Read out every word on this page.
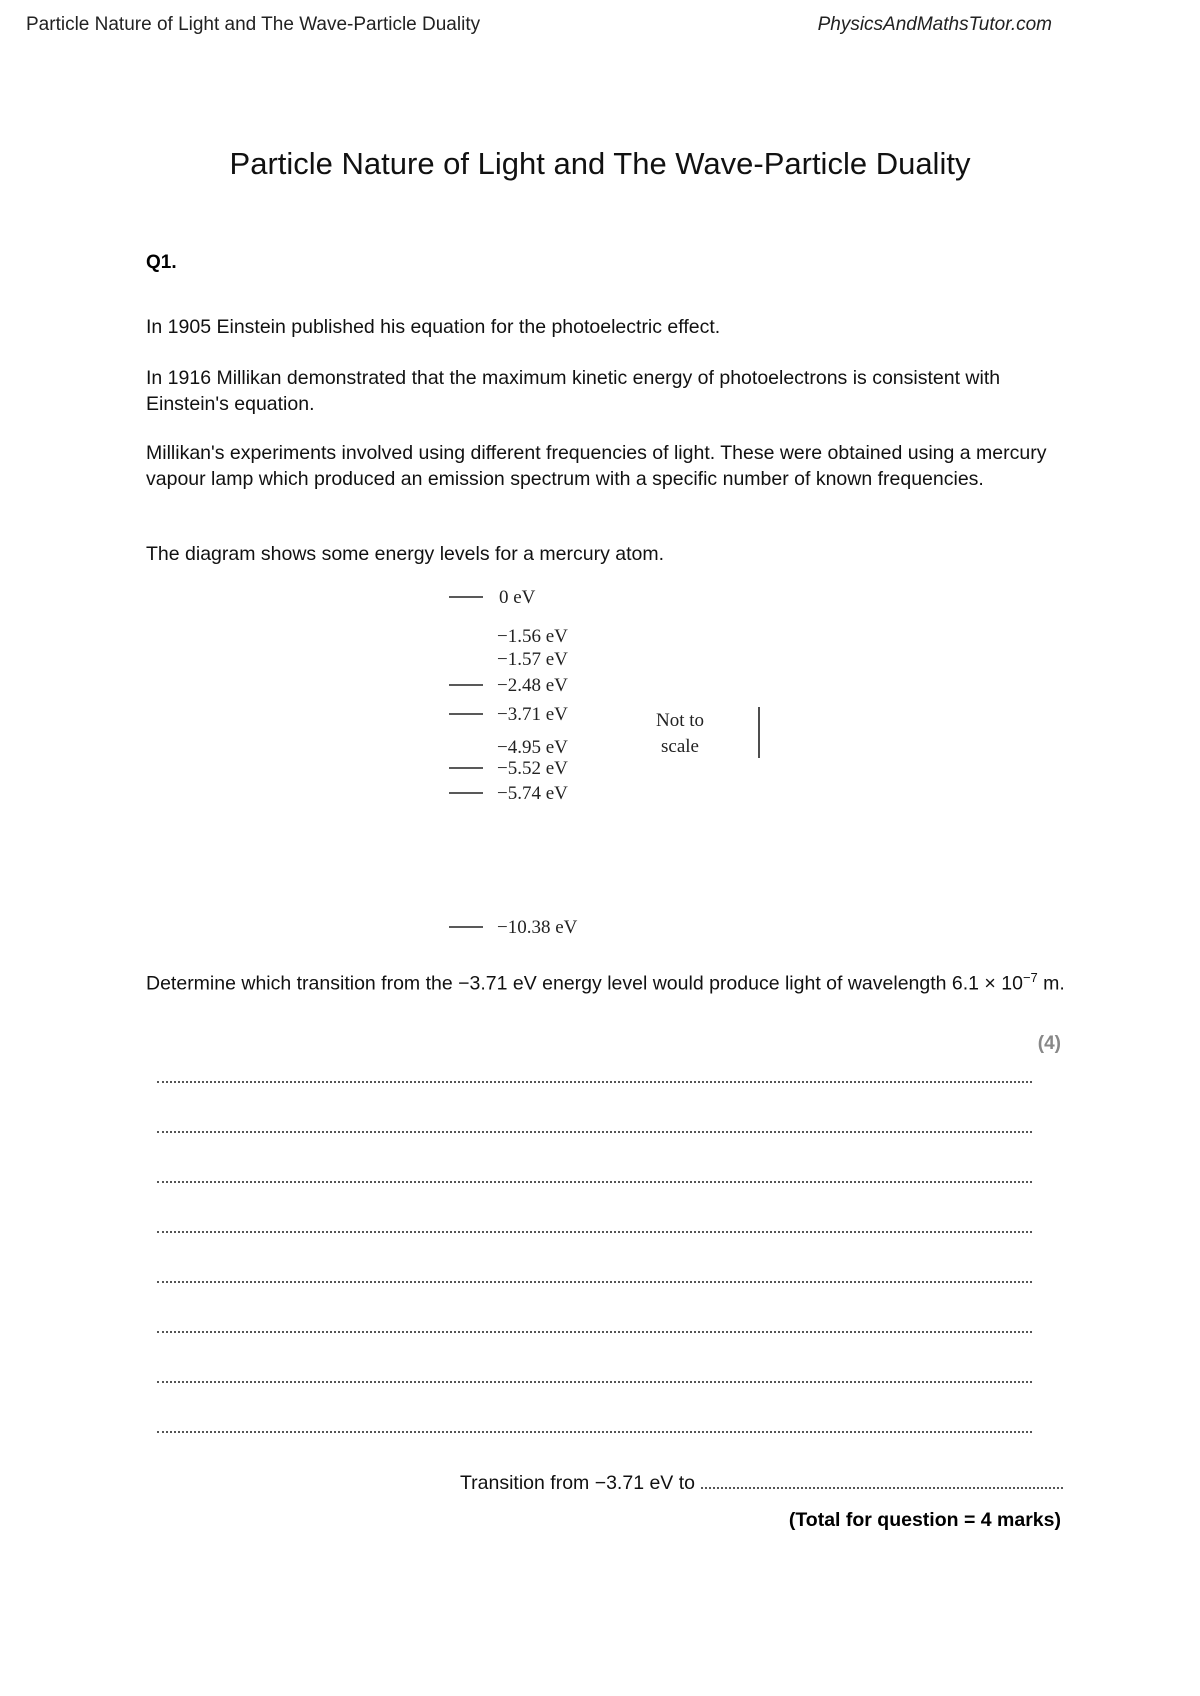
Particle Nature of Light and The Wave-Particle Duality	PhysicsAndMathsTutor.com
Particle Nature of Light and The Wave-Particle Duality
Q1.
In 1905 Einstein published his equation for the photoelectric effect.
In 1916 Millikan demonstrated that the maximum kinetic energy of photoelectrons is consistent with Einstein's equation.
Millikan's experiments involved using different frequencies of light. These were obtained using a mercury vapour lamp which produced an emission spectrum with a specific number of known frequencies.
The diagram shows some energy levels for a mercury atom.
0 eV
−1.56 eV
−1.57 eV
−2.48 eV
−3.71 eV
−4.95 eV
−5.52 eV
−5.74 eV
−10.38 eV
Not to
scale
Determine which transition from the −3.71 eV energy level would produce light of wavelength $6.1 \times 10^{-7}$ m.
(4)
Transition from −3.71 eV to
(Total for question = 4 marks)
